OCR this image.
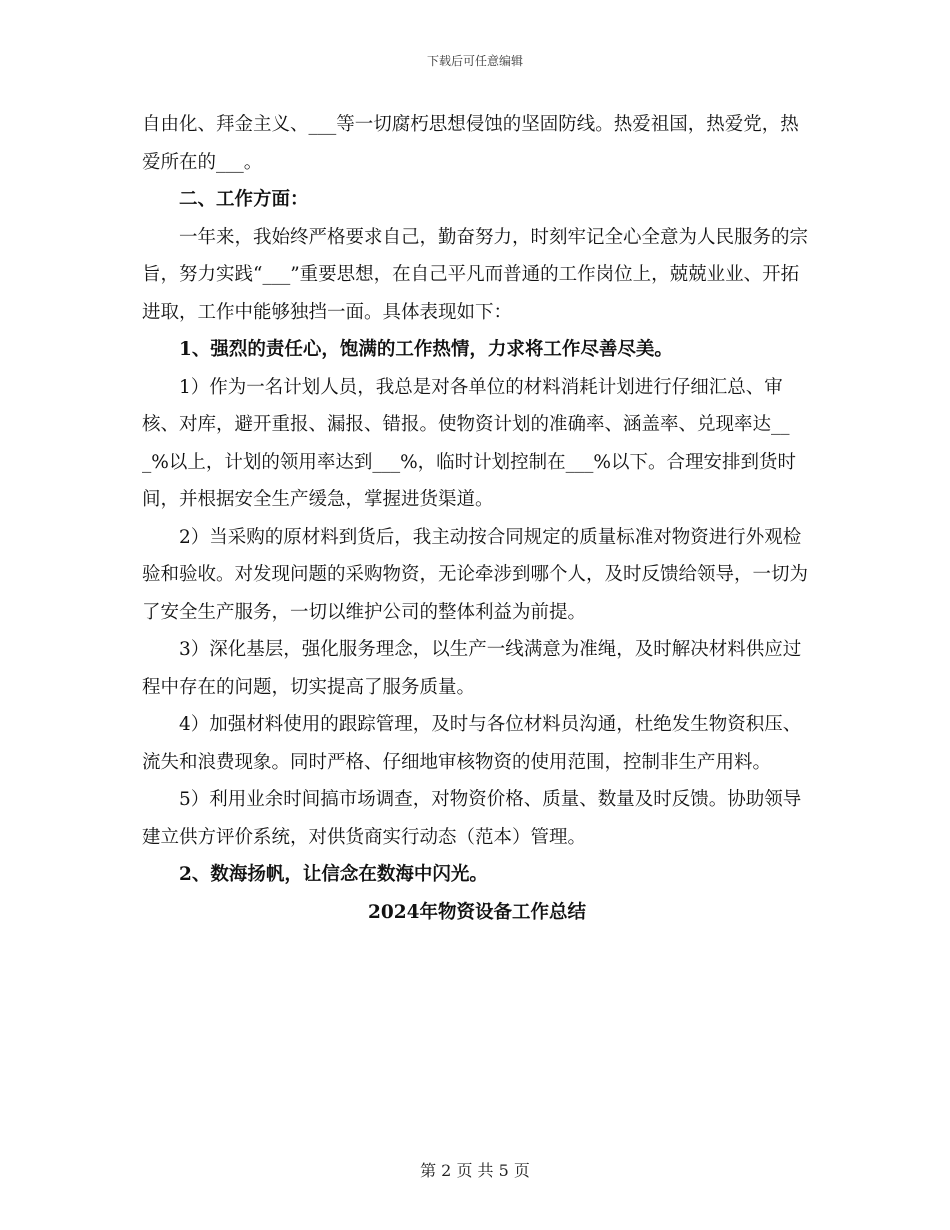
下载后可任意编辑

自由化、拜金主义、___等一切腐朽思想侵蚀的坚固防线。热爱祖国，热爱党，热爱所在的___。

二、工作方面：

一年来，我始终严格要求自己，勤奋努力，时刻牢记全心全意为人民服务的宗旨，努力实践“___”重要思想，在自己平凡而普通的工作岗位上，兢兢业业、开拓进取，工作中能够独挡一面。具体表现如下：

1、强烈的责任心，饱满的工作热情，力求将工作尽善尽美。

1）作为一名计划人员，我总是对各单位的材料消耗计划进行仔细汇总、审核、对库，避开重报、漏报、错报。使物资计划的准确率、涵盖率、兑现率达___%以上，计划的领用率达到___%，临时计划控制在___%以下。合理安排到货时间，并根据安全生产缓急，掌握进货渠道。

2）当采购的原材料到货后，我主动按合同规定的质量标准对物资进行外观检验和验收。对发现问题的采购物资，无论牵涉到哪个人，及时反馈给领导，一切为了安全生产服务，一切以维护公司的整体利益为前提。

3）深化基层，强化服务理念，以生产一线满意为准绳，及时解决材料供应过程中存在的问题，切实提高了服务质量。

4）加强材料使用的跟踪管理，及时与各位材料员沟通，杜绝发生物资积压、流失和浪费现象。同时严格、仔细地审核物资的使用范围，控制非生产用料。

5）利用业余时间搞市场调查，对物资价格、质量、数量及时反馈。协助领导建立供方评价系统，对供货商实行动态（范本）管理。

2、数海扬帆，让信念在数海中闪光。

2024年物资设备工作总结

第 2 页 共 5 页
